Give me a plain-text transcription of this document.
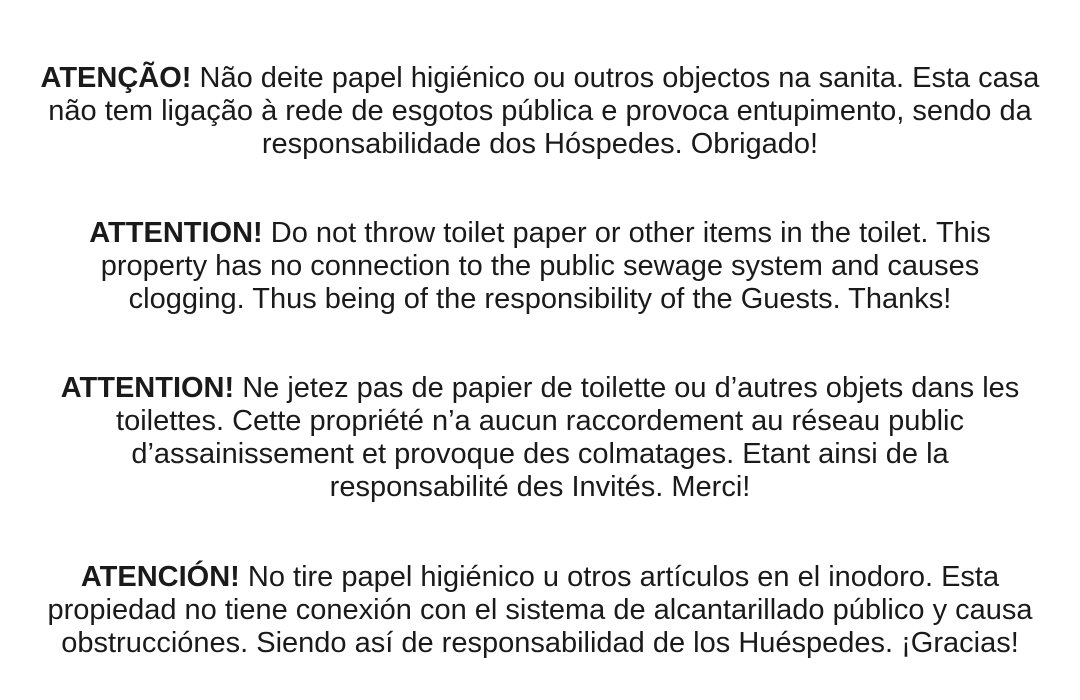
ATENÇÃO! Não deite papel higiénico ou outros objectos na sanita. Esta casa
não tem ligação à rede de esgotos pública e provoca entupimento, sendo da
responsabilidade dos Hóspedes. Obrigado!
ATTENTION! Do not throw toilet paper or other items in the toilet. This
property has no connection to the public sewage system and causes
clogging. Thus being of the responsibility of the Guests. Thanks!
ATTENTION! Ne jetez pas de papier de toilette ou d’autres objets dans les
toilettes. Cette propriété n’a aucun raccordement au réseau public
d’assainissement et provoque des colmatages. Etant ainsi de la
responsabilité des Invités. Merci!
ATENCIÓN! No tire papel higiénico u otros artículos en el inodoro. Esta
propiedad no tiene conexión con el sistema de alcantarillado público y causa
obstrucciónes. Siendo así de responsabilidad de los Huéspedes. ¡Gracias!
